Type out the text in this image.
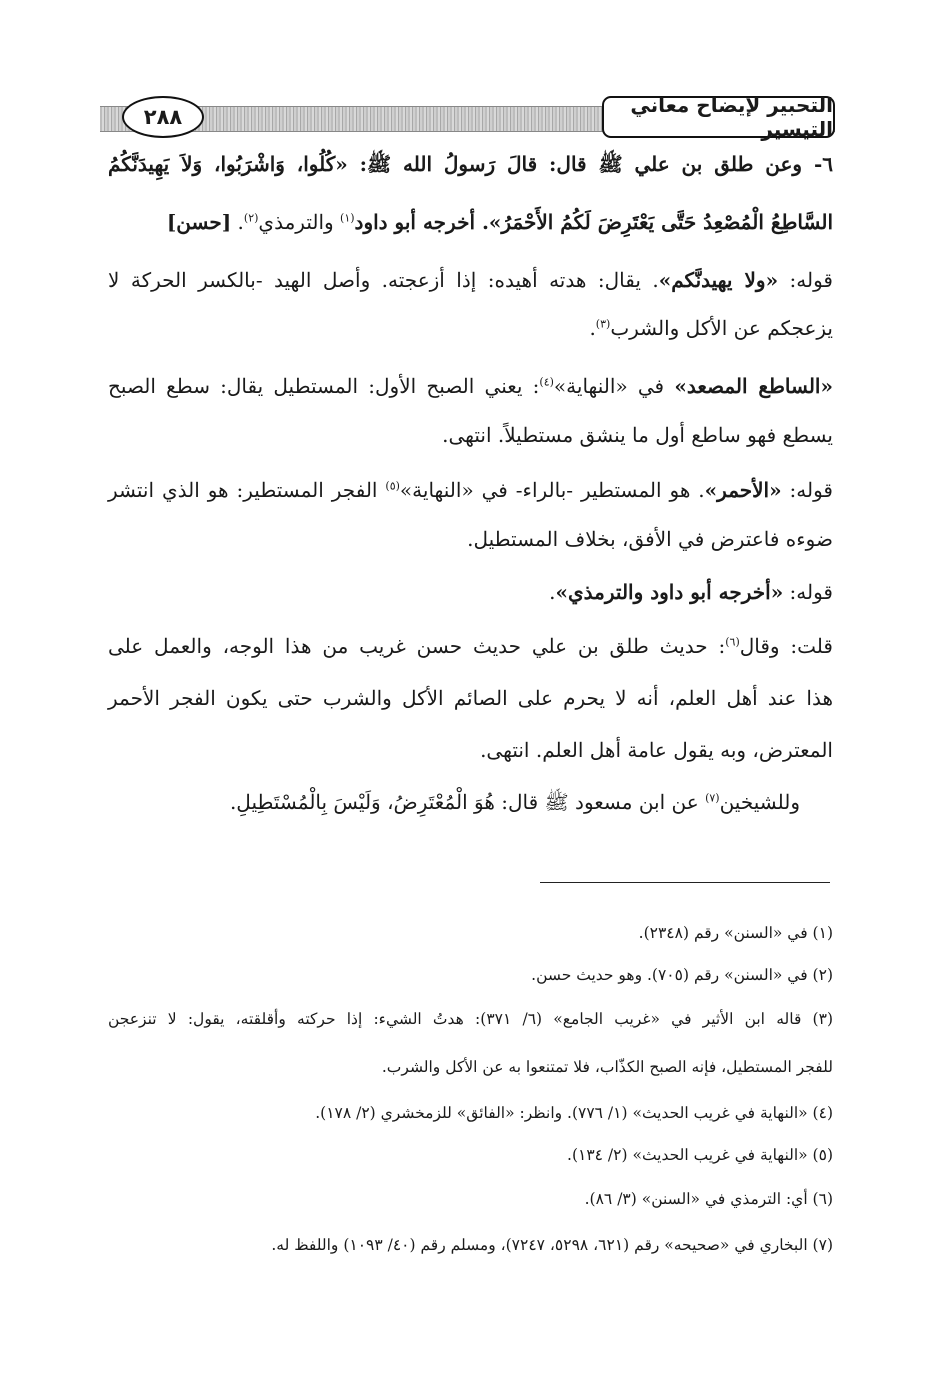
٢٨٨	التحبير لإيضاح معاني التيسير
٦- وعن طلق بن علي ﷺ قال: قالَ رَسولُ الله ﷺ: «كُلُوا، وَاشْرَبُوا، وَلاَ يَهِيدَنَّكُمُ
السَّاطِعُ الْمُصْعِدُ حَتَّى يَعْتَرِضَ لَكُمُ الأَحْمَرُ». أخرجه أبو داود$^{(١)}$ والترمذي$^{(٢)}$. [حسن]
قوله: «ولا يهيدنَّكم». يقال: هدته أهيده: إذا أزعجته. وأصل الهيد -بالكسر الحركة لا
يزعجكم عن الأكل والشرب$^{(٣)}$.
«الساطع المصعد» في «النهاية»$^{(٤)}$: يعني الصبح الأول: المستطيل يقال: سطع الصبح
يسطع فهو ساطع أول ما ينشق مستطيلاً. انتهى.
قوله: «الأحمر». هو المستطير -بالراء- في «النهاية»$^{(٥)}$ الفجر المستطير: هو الذي انتشر
ضوءه فاعترض في الأفق، بخلاف المستطيل.
قوله: «أخرجه أبو داود والترمذي».
قلت: وقال$^{(٦)}$: حديث طلق بن علي حديث حسن غريب من هذا الوجه، والعمل على
هذا عند أهل العلم، أنه لا يحرم على الصائم الأكل والشرب حتى يكون الفجر الأحمر
المعترض، وبه يقول عامة أهل العلم. انتهى.
وللشيخين$^{(٧)}$ عن ابن مسعود ﷺ قال: هُوَ الْمُعْتَرِضُ، وَلَيْسَ بِالْمُسْتَطِيلِ.
(١) في «السنن» رقم (٢٣٤٨).
(٢) في «السنن» رقم (٧٠٥). وهو حديث حسن.
(٣) قاله ابن الأثير في «غريب الجامع» (٦/ ٣٧١): هدتُ الشيء: إذا حركته وأقلقته، يقول: لا تنزعجن
للفجر المستطيل، فإنه الصبح الكذّاب، فلا تمتنعوا به عن الأكل والشرب.
(٤) «النهاية في غريب الحديث» (١/ ٧٧٦). وانظر: «الفائق» للزمخشري (٢/ ١٧٨).
(٥) «النهاية في غريب الحديث» (٢/ ١٣٤).
(٦) أي: الترمذي في «السنن» (٣/ ٨٦).
(٧) البخاري في «صحيحه» رقم (٦٢١، ٥٢٩٨، ٧٢٤٧)، ومسلم رقم (٤٠/ ١٠٩٣) واللفظ له.
